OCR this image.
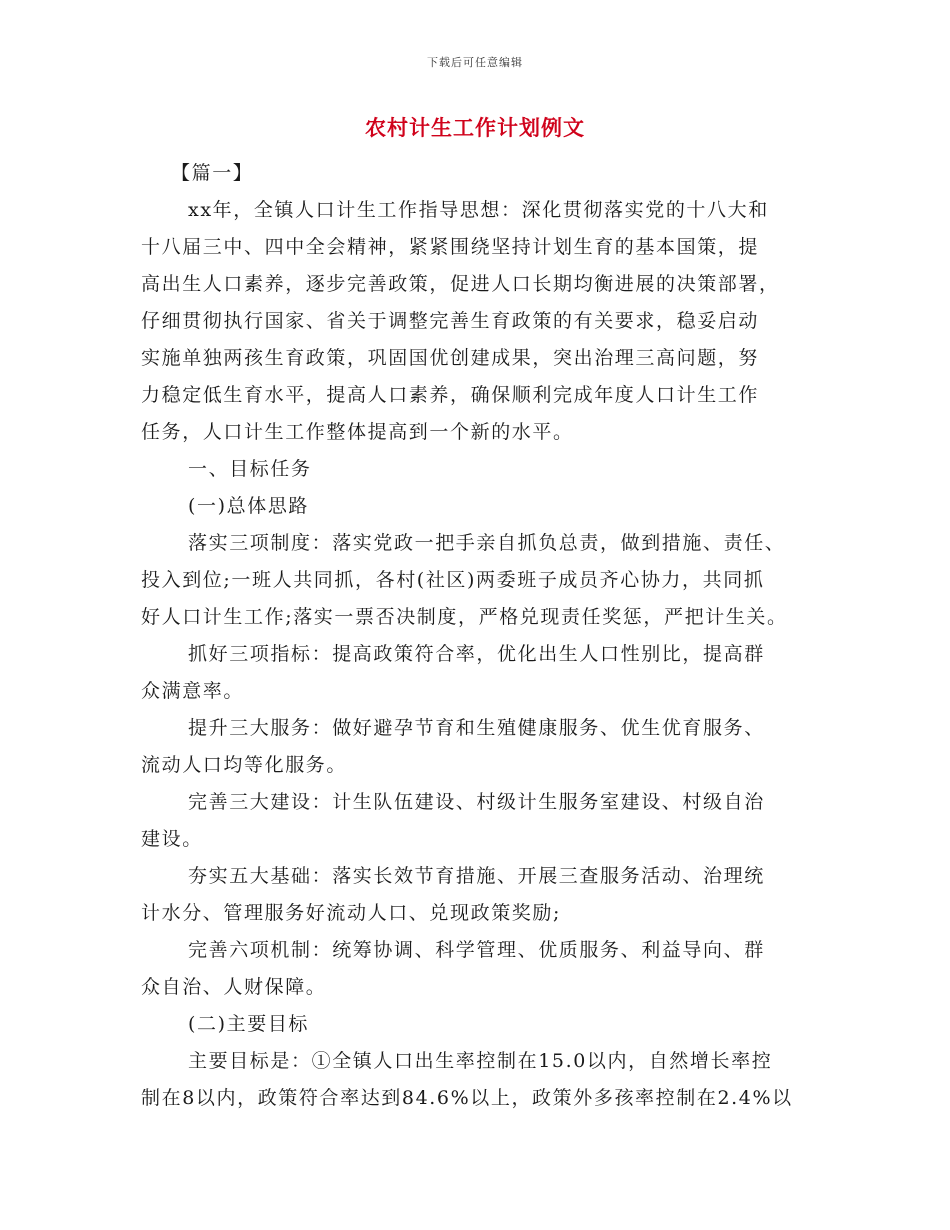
下载后可任意编辑
农村计生工作计划例文
【篇一】
xx年，全镇人口计生工作指导思想：深化贯彻落实党的十八大和
十八届三中、四中全会精神，紧紧围绕坚持计划生育的基本国策，提
高出生人口素养，逐步完善政策，促进人口长期均衡进展的决策部署，
仔细贯彻执行国家、省关于调整完善生育政策的有关要求，稳妥启动
实施单独两孩生育政策，巩固国优创建成果，突出治理三高问题，努
力稳定低生育水平，提高人口素养，确保顺利完成年度人口计生工作
任务，人口计生工作整体提高到一个新的水平。
一、目标任务
(一)总体思路
落实三项制度：落实党政一把手亲自抓负总责，做到措施、责任、
投入到位;一班人共同抓，各村(社区)两委班子成员齐心协力，共同抓
好人口计生工作;落实一票否决制度，严格兑现责任奖惩，严把计生关。
抓好三项指标：提高政策符合率，优化出生人口性别比，提高群
众满意率。
提升三大服务：做好避孕节育和生殖健康服务、优生优育服务、
流动人口均等化服务。
完善三大建设：计生队伍建设、村级计生服务室建设、村级自治
建设。
夯实五大基础：落实长效节育措施、开展三查服务活动、治理统
计水分、管理服务好流动人口、兑现政策奖励;
完善六项机制：统筹协调、科学管理、优质服务、利益导向、群
众自治、人财保障。
(二)主要目标
主要目标是：①全镇人口出生率控制在15.0以内，自然增长率控
制在8以内，政策符合率达到84.6%以上，政策外多孩率控制在2.4%以
